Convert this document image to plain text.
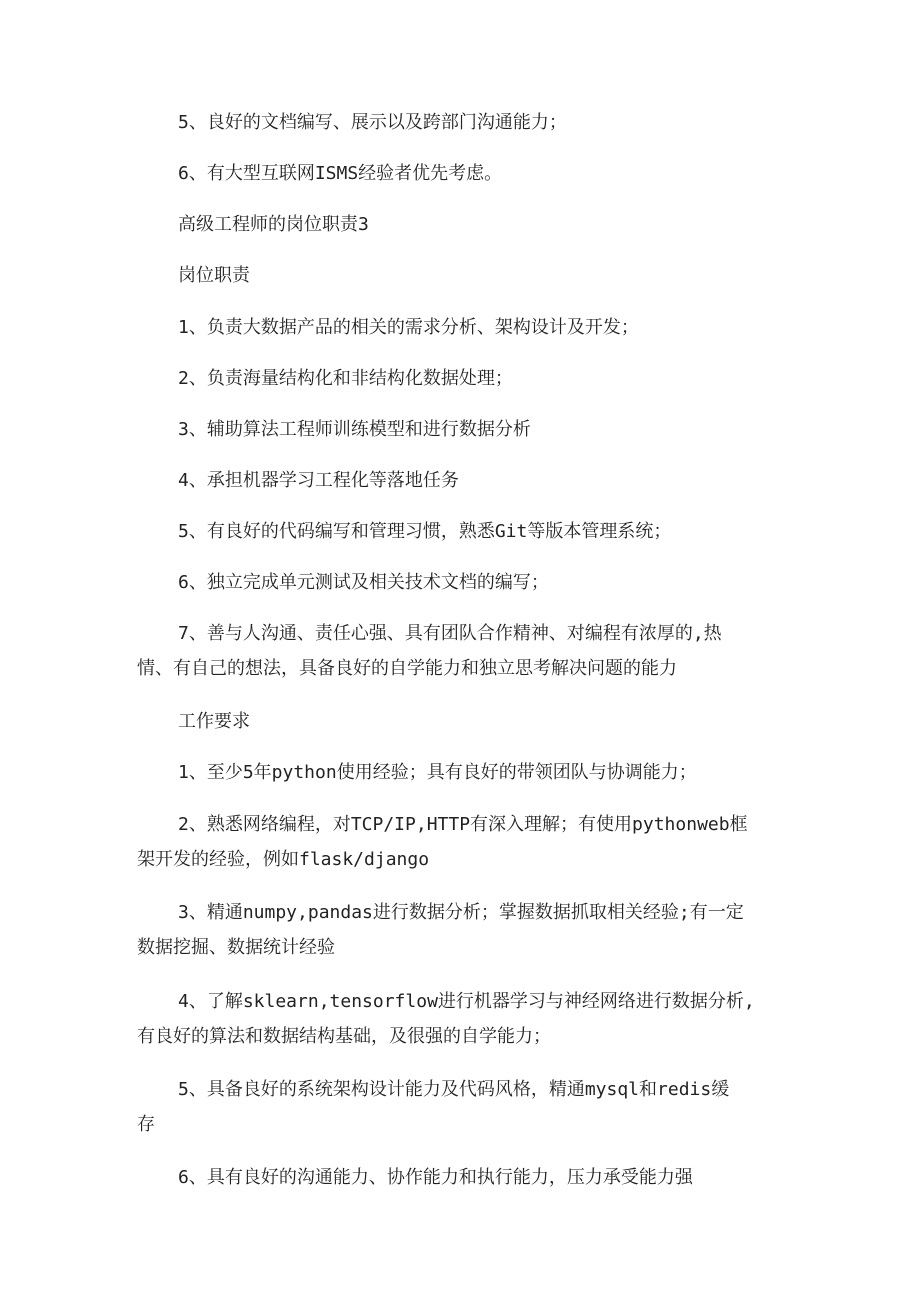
5、良好的文档编写、展示以及跨部门沟通能力；

6、有大型互联网ISMS经验者优先考虑。

高级工程师的岗位职责3

岗位职责

1、负责大数据产品的相关的需求分析、架构设计及开发；

2、负责海量结构化和非结构化数据处理；

3、辅助算法工程师训练模型和进行数据分析

4、承担机器学习工程化等落地任务

5、有良好的代码编写和管理习惯，熟悉Git等版本管理系统；

6、独立完成单元测试及相关技术文档的编写；

7、善与人沟通、责任心强、具有团队合作精神、对编程有浓厚的,热
情、有自己的想法，具备良好的自学能力和独立思考解决问题的能力

工作要求

1、至少5年python使用经验；具有良好的带领团队与协调能力；

2、熟悉网络编程，对TCP/IP,HTTP有深入理解；有使用pythonweb框
架开发的经验，例如flask/django
3、精通numpy,pandas进行数据分析；掌握数据抓取相关经验;有一定
数据挖掘、数据统计经验
4、了解sklearn,tensorflow进行机器学习与神经网络进行数据分析,
有良好的算法和数据结构基础，及很强的自学能力；
5、具备良好的系统架构设计能力及代码风格，精通mysql和redis缓
存

6、具有良好的沟通能力、协作能力和执行能力，压力承受能力强
